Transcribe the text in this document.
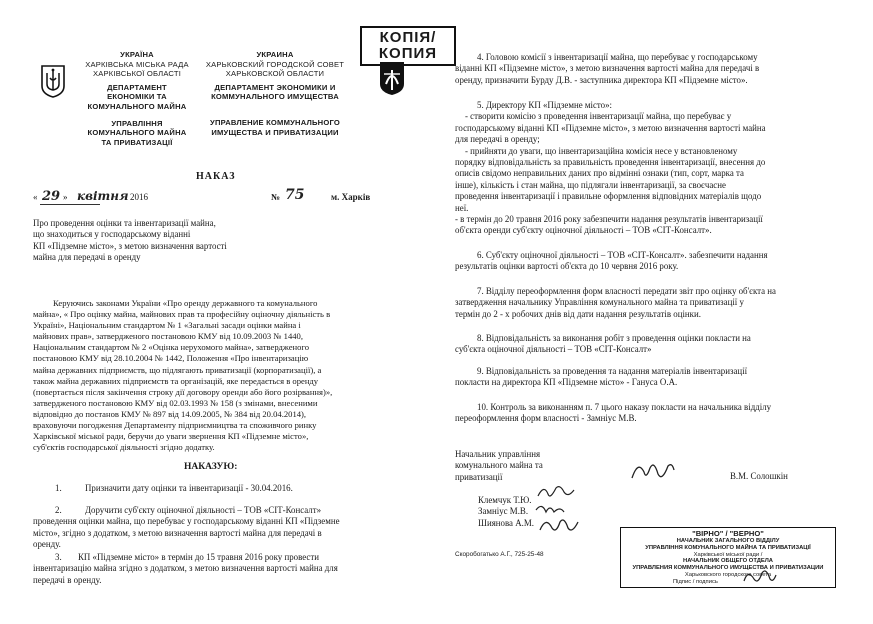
УКРАЇНА
ХАРКІВСЬКА МІСЬКА РАДА
ХАРКІВСЬКОЇ ОБЛАСТІ
ДЕПАРТАМЕНТ
ЕКОНОМІКИ ТА
КОМУНАЛЬНОГО МАЙНА
УПРАВЛІННЯ
КОМУНАЛЬНОГО МАЙНА
ТА ПРИВАТИЗАЦІЇ
УКРАИНА
ХАРЬКОВСКИЙ ГОРОДСКОЙ СОВЕТ
ХАРЬКОВСКОЙ ОБЛАСТИ
ДЕПАРТАМЕНТ ЭКОНОМИКИ И
КОММУНАЛЬНОГО ИМУЩЕСТВА
УПРАВЛЕНИЕ КОММУНАЛЬНОГО
ИМУЩЕСТВА И ПРИВАТИЗАЦИИ
КОПІЯ/
КОПИЯ
НАКАЗ
« 29 » квітня 2016	№ 75	м. Харків

Про проведення оцінки та інвентаризації майна,

що знаходиться у господарському віданні

КП «Підземне місто», з метою визначення вартості

майна для передачі в оренду

Керуючись законами України «Про оренду державного та комунального

майна», « Про оцінку майна, майнових прав та професійну оціночну діяльність в

Україні», Національним стандартом № 1 «Загальні засади оцінки майна і

майнових прав», затвердженого постановою КМУ від 10.09.2003 № 1440,

Національним стандартом № 2 «Оцінка нерухомого майна», затвердженого

постановою КМУ від 28.10.2004 № 1442, Положення «Про інвентаризацію

майна державних підприємств, що підлягають приватизації (корпоратизації), а

також майна державних підприємств та організацій, яке передається в оренду

(повертається після закінчення строку дії договору оренди або його розірвання)»,

затвердженого постановою КМУ від 02.03.1993 № 158 (з змінами, внесеними

відповідно до постанов КМУ № 897 від 14.09.2005, № 384 від 20.04.2014),

враховуючи погодження Департаменту підприємництва та споживчого ринку

Харківської міської ради, беручи до уваги звернення КП «Підземне місто»,

суб'єктів господарської діяльності згідно додатку.

НАКАЗУЮ:
1.	Призначити дату оцінки та інвентаризації - 30.04.2016.

2.	Доручити суб'єкту оціночної діяльності – ТОВ «СІТ-Консалт»

проведення оцінки майна, що перебуває у господарському віданні КП «Підземне

місто», згідно з додатком, з метою визначення вартості майна для передачі в

оренду.

3. КП «Підземне місто» в термін до 15 травня 2016 року провести

інвентаризацію майна згідно з додатком, з метою визначення вартості майна для

передачі в оренду.

4. Головою комісії з інвентаризації майна, що перебуває у господарському

віданні КП «Підземне місто», з метою визначення вартості майна для передачі в

оренду, призначити Бурду Д.В. - заступника директора КП «Підземне місто».

5. Директору КП «Підземне місто»:

- створити комісію з проведення інвентаризації майна, що перебуває у

господарському віданні КП «Підземне місто», з метою визначення вартості майна

для передачі в оренду;

- прийняти до уваги, що інвентаризаційна комісія несе у встановленому

порядку відповідальність за правильність проведення інвентаризації, внесення до

описів свідомо неправильних даних про відмінні ознаки (тип, сорт, марка та

інше), кількість і стан майна, що підлягали інвентаризації, за своєчасне

проведення інвентаризації і правильне оформлення відповідних матеріалів щодо

неї.

- в термін до 20 травня 2016 року забезпечити надання результатів інвентаризації

об'єкта оренди суб'єкту оціночної діяльності – ТОВ «СІТ-Консалт».

6. Суб'єкту оціночної діяльності – ТОВ «СІТ-Консалт». забезпечити надання

результатів оцінки вартості об'єкта до 10 червня 2016 року.

7. Відділу переоформлення форм власності передати звіт про оцінку об'єкта на

затвердження начальнику Управління комунального майна та приватизації у

термін до 2 - х робочих днів від дати надання результатів оцінки.

8. Відповідальність за виконання робіт з проведення оцінки покласти на

суб'єкта оціночної діяльності – ТОВ «СІТ-Консалт»

9. Відповідальність за проведення та надання матеріалів інвентаризації

покласти на директора КП «Підземне місто» - Гануса О.А.

10. Контроль за виконанням п. 7 цього наказу покласти на начальника відділу

переоформлення форм власності - Замніус М.В.

Начальник управління

комунального майна та

приватизації	В.М. Солошкін

Клемчук Т.Ю.

Замніус М.В.

Шиянова А.М.

Скоробогатько А.Г., 725-25-48
"ВІРНО" / "ВЕРНО"
НАЧАЛЬНИК ЗАГАЛЬНОГО ВІДДІЛУ
УПРАВЛІННЯ КОМУНАЛЬНОГО МАЙНА ТА ПРИВАТИЗАЦІЇ
Харківської міської ради /
НАЧАЛЬНИК ОБЩЕГО ОТДЕЛА
УПРАВЛЕНИЯ КОММУНАЛЬНОГО ИМУЩЕСТВА И ПРИВАТИЗАЦИИ
Харьковского городского совета
Підпис / подпись
